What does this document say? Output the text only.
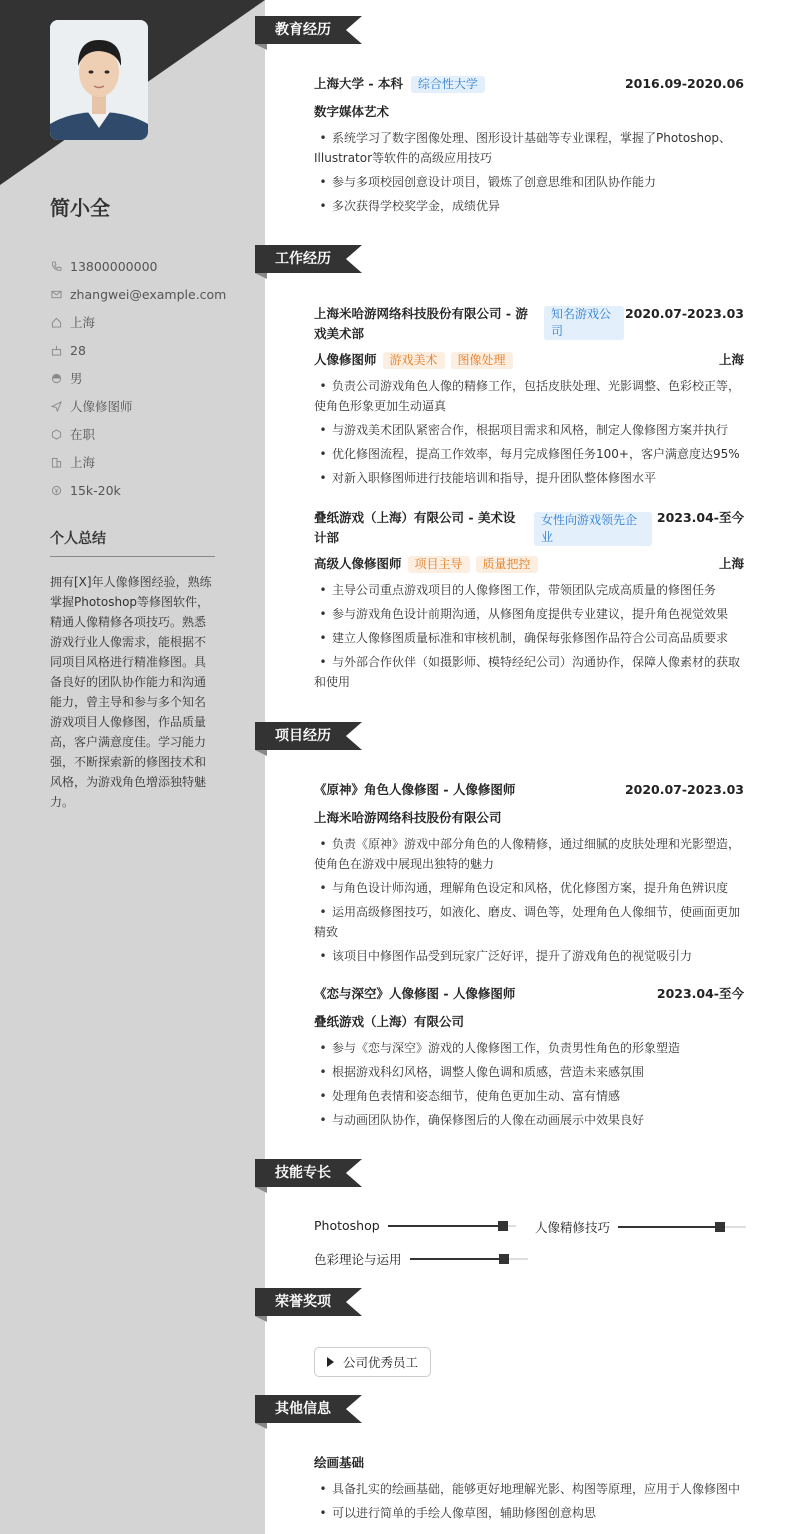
简小全
13800000000
zhangwei@example.com
上海
28
男
人像修图师
在职
上海
15k-20k
个人总结
拥有[X]年人像修图经验，熟练掌握Photoshop等修图软件，精通人像精修各项技巧。熟悉游戏行业人像需求，能根据不同项目风格进行精准修图。具备良好的团队协作能力和沟通能力，曾主导和参与多个知名游戏项目人像修图，作品质量高，客户满意度佳。学习能力强，不断探索新的修图技术和风格，为游戏角色增添独特魅力。
教育经历
上海大学 - 本科 综合性大学	2016.09-2020.06
数字媒体艺术
• 系统学习了数字图像处理、图形设计基础等专业课程，掌握了Photoshop、Illustrator等软件的高级应用技巧
• 参与多项校园创意设计项目，锻炼了创意思维和团队协作能力
• 多次获得学校奖学金，成绩优异
工作经历
上海米哈游网络科技股份有限公司 - 游戏美术部
知名游戏公司
2020.07-2023.03
人像修图师 游戏美术 图像处理	上海
• 负责公司游戏角色人像的精修工作，包括皮肤处理、光影调整、色彩校正等，使角色形象更加生动逼真
• 与游戏美术团队紧密合作，根据项目需求和风格，制定人像修图方案并执行
• 优化修图流程，提高工作效率，每月完成修图任务100+，客户满意度达95%
• 对新入职修图师进行技能培训和指导，提升团队整体修图水平
叠纸游戏（上海）有限公司 - 美术设计部
女性向游戏领先企业
2023.04-至今
高级人像修图师 项目主导 质量把控	上海
• 主导公司重点游戏项目的人像修图工作，带领团队完成高质量的修图任务
• 参与游戏角色设计前期沟通，从修图角度提供专业建议，提升角色视觉效果
• 建立人像修图质量标准和审核机制，确保每张修图作品符合公司高品质要求
• 与外部合作伙伴（如摄影师、模特经纪公司）沟通协作，保障人像素材的获取和使用
项目经历
《原神》角色人像修图 - 人像修图师	2020.07-2023.03
上海米哈游网络科技股份有限公司
• 负责《原神》游戏中部分角色的人像精修，通过细腻的皮肤处理和光影塑造，使角色在游戏中展现出独特的魅力
• 与角色设计师沟通，理解角色设定和风格，优化修图方案，提升角色辨识度
• 运用高级修图技巧，如液化、磨皮、调色等，处理角色人像细节，使画面更加精致
• 该项目中修图作品受到玩家广泛好评，提升了游戏角色的视觉吸引力
《恋与深空》人像修图 - 人像修图师	2023.04-至今
叠纸游戏（上海）有限公司
• 参与《恋与深空》游戏的人像修图工作，负责男性角色的形象塑造
• 根据游戏科幻风格，调整人像色调和质感，营造未来感氛围
• 处理角色表情和姿态细节，使角色更加生动、富有情感
• 与动画团队协作，确保修图后的人像在动画展示中效果良好
技能专长
Photoshop	人像精修技巧
色彩理论与运用
荣誉奖项
公司优秀员工
其他信息
绘画基础
• 具备扎实的绘画基础，能够更好地理解光影、构图等原理，应用于人像修图中
• 可以进行简单的手绘人像草图，辅助修图创意构思
